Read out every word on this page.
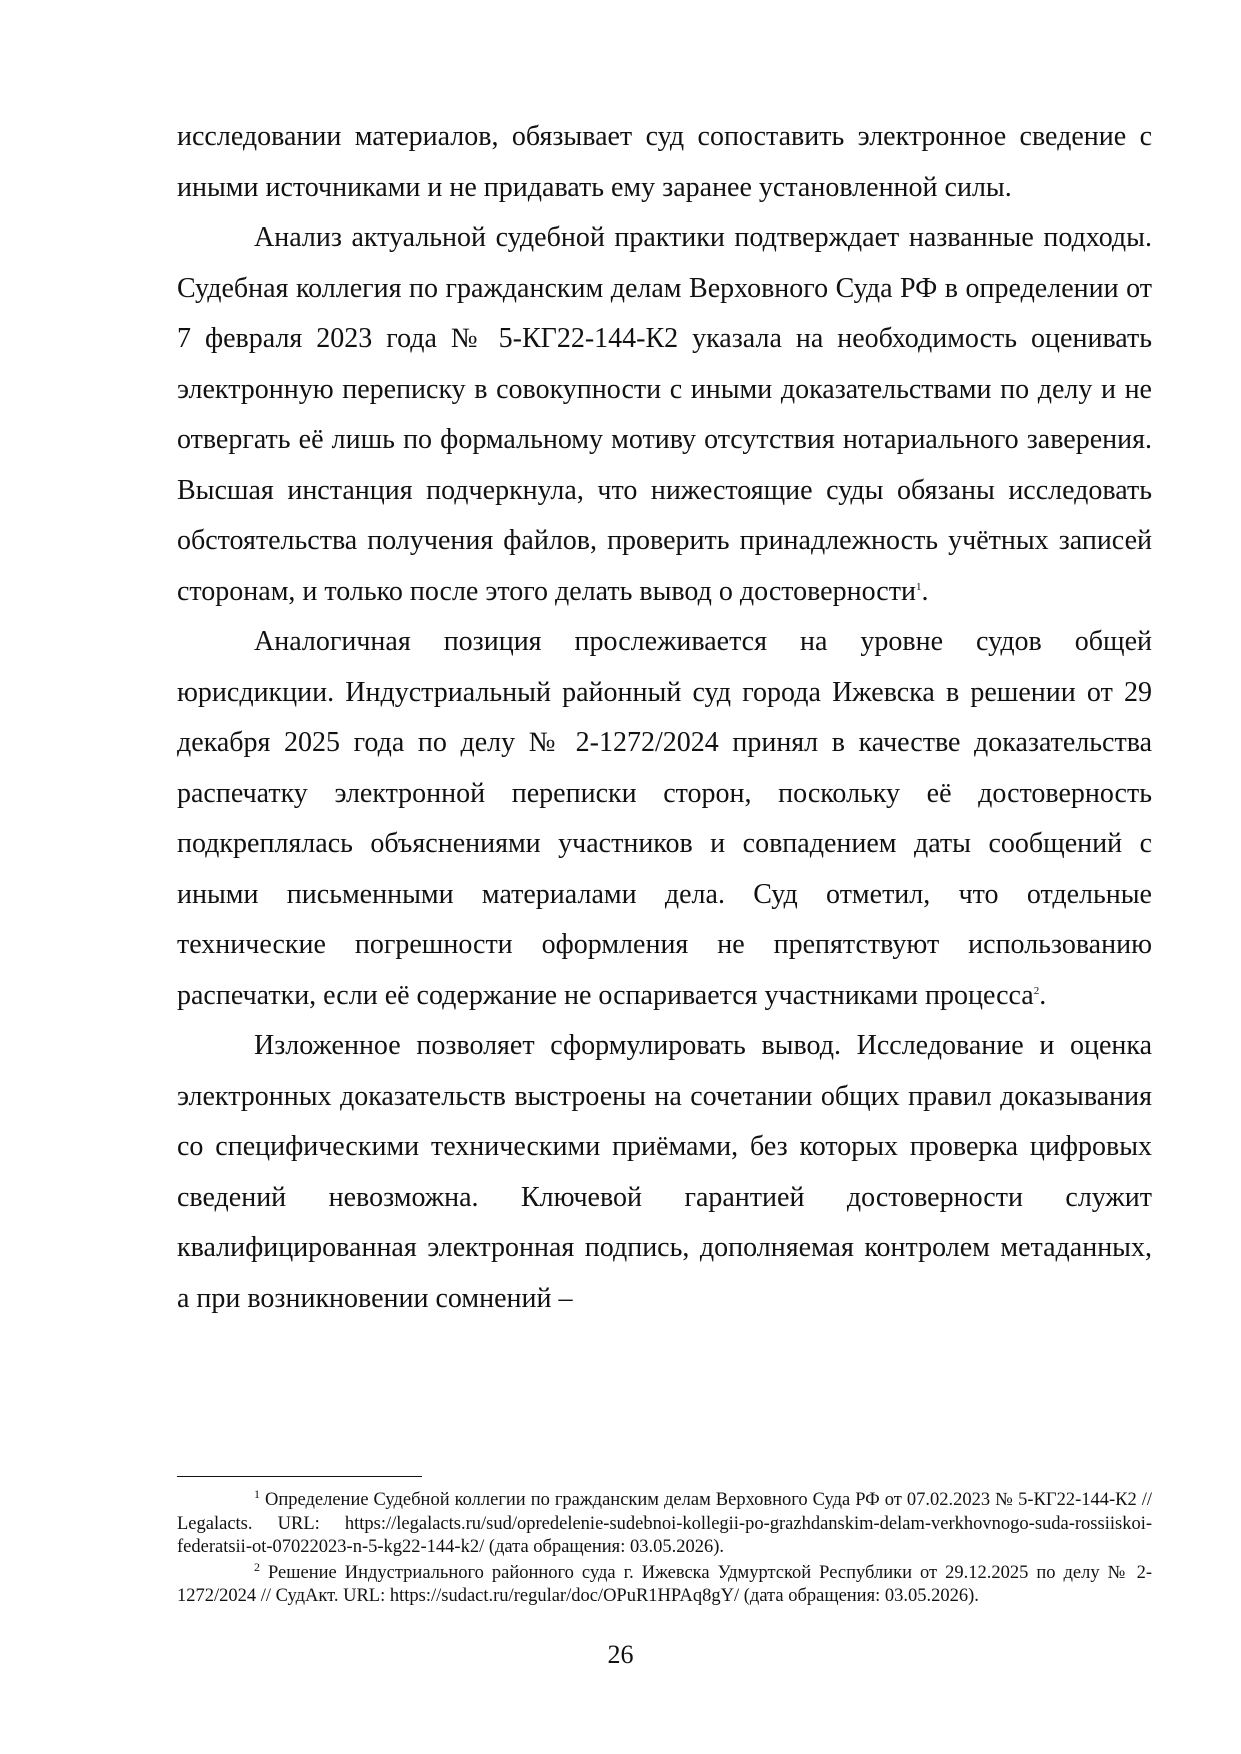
исследовании материалов, обязывает суд сопоставить электронное сведение с иными источниками и не придавать ему заранее установленной силы.

Анализ актуальной судебной практики подтверждает названные подходы. Судебная коллегия по гражданским делам Верховного Суда РФ в определении от 7 февраля 2023 года № 5-КГ22-144-К2 указала на необходимость оценивать электронную переписку в совокупности с иными доказательствами по делу и не отвергать её лишь по формальному мотиву отсутствия нотариального заверения. Высшая инстанция подчеркнула, что нижестоящие суды обязаны исследовать обстоятельства получения файлов, проверить принадлежность учётных записей сторонам, и только после этого делать вывод о достоверности$^1$.

Аналогичная позиция прослеживается на уровне судов общей юрисдикции. Индустриальный районный суд города Ижевска в решении от 29 декабря 2025 года по делу № 2-1272/2024 принял в качестве доказательства распечатку электронной переписки сторон, поскольку её достоверность подкреплялась объяснениями участников и совпадением даты сообщений с иными письменными материалами дела. Суд отметил, что отдельные технические погрешности оформления не препятствуют использованию распечатки, если её содержание не оспаривается участниками процесса$^2$.

Изложенное позволяет сформулировать вывод. Исследование и оценка электронных доказательств выстроены на сочетании общих правил доказывания со специфическими техническими приёмами, без которых проверка цифровых сведений невозможна. Ключевой гарантией достоверности служит квалифицированная электронная подпись, дополняемая контролем метаданных, а при возникновении сомнений –

$^1$ Определение Судебной коллегии по гражданским делам Верховного Суда РФ от 07.02.2023 № 5-КГ22-144-К2 // Legalacts. URL: https://legalacts.ru/sud/opredelenie-sudebnoi-kollegii-po-grazhdanskim-delam-verkhovnogo-suda-rossiiskoi-federatsii-ot-07022023-n-5-kg22-144-k2/ (дата обращения: 03.05.2026).

$^2$ Решение Индустриального районного суда г. Ижевска Удмуртской Республики от 29.12.2025 по делу № 2-1272/2024 // СудАкт. URL: https://sudact.ru/regular/doc/OPuR1HPAq8gY/ (дата обращения: 03.05.2026).

26
